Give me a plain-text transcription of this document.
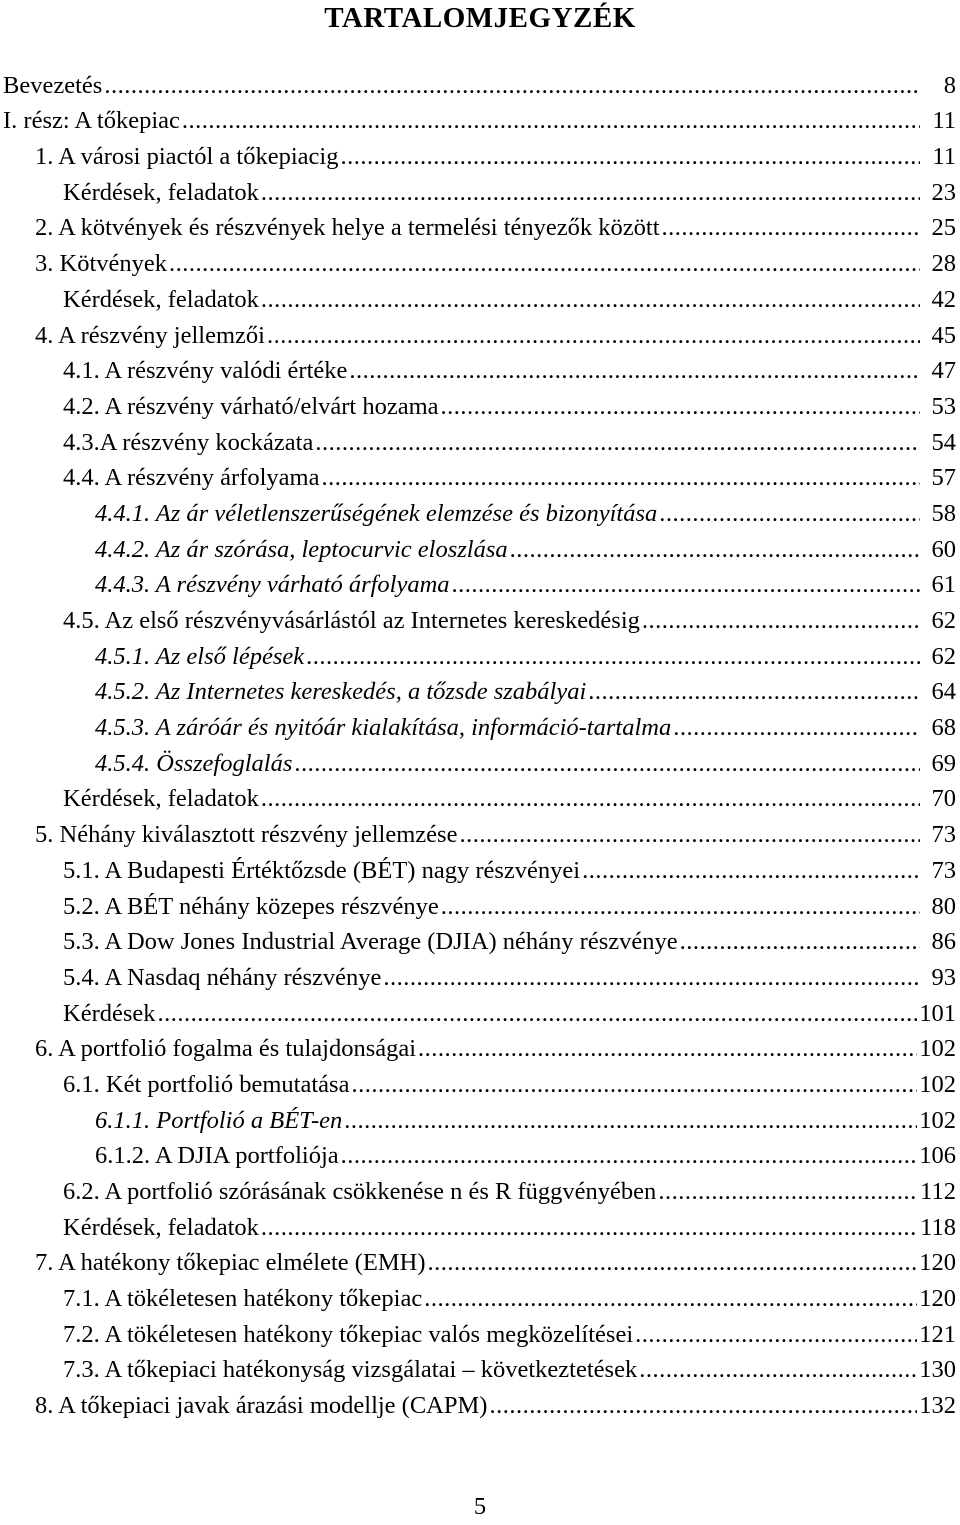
TARTALOMJEGYZÉK
Bevezetés .....	8
I. rész: A tőkepiac .....	11
1. A városi piactól a tőkepiacig .....	11
Kérdések, feladatok .....	23
2. A kötvények és részvények helye a termelési tényezők között .....	25
3. Kötvények .....	28
Kérdések, feladatok .....	42
4. A részvény jellemzői .....	45
4.1. A részvény valódi értéke .....	47
4.2. A részvény várható/elvárt hozama .....	53
4.3.A részvény kockázata .....	54
4.4. A részvény árfolyama .....	57
4.4.1. Az ár véletlenszerűségének elemzése és bizonyítása .....	58
4.4.2. Az ár szórása, leptocurvic eloszlása .....	60
4.4.3. A részvény várható árfolyama .....	61
4.5. Az első részvényvásárlástól az Internetes kereskedésig .....	62
4.5.1. Az első lépések .....	62
4.5.2. Az Internetes kereskedés, a tőzsde szabályai .....	64
4.5.3. A záróár és nyitóár kialakítása, információ-tartalma .....	68
4.5.4. Összefoglalás .....	69
Kérdések, feladatok .....	70
5. Néhány kiválasztott részvény jellemzése .....	73
5.1. A Budapesti Értéktőzsde (BÉT) nagy részvényei .....	73
5.2. A BÉT néhány közepes részvénye .....	80
5.3. A Dow Jones Industrial Average (DJIA) néhány részvénye .....	86
5.4. A Nasdaq néhány részvénye .....	93
Kérdések .....	101
6. A portfolió fogalma és tulajdonságai .....	102
6.1. Két portfolió bemutatása .....	102
6.1.1. Portfolió a BÉT-en .....	102
6.1.2. A DJIA portfoliója .....	106
6.2. A portfolió szórásának csökkenése n és R függvényében .....	112
Kérdések, feladatok .....	118
7. A hatékony tőkepiac elmélete (EMH) .....	120
7.1. A tökéletesen hatékony tőkepiac .....	120
7.2. A tökéletesen hatékony tőkepiac valós megközelítései .....	121
7.3. A tőkepiaci hatékonyság vizsgálatai – következtetések .....	130
8. A tőkepiaci javak árazási modellje (CAPM) .....	132
5
